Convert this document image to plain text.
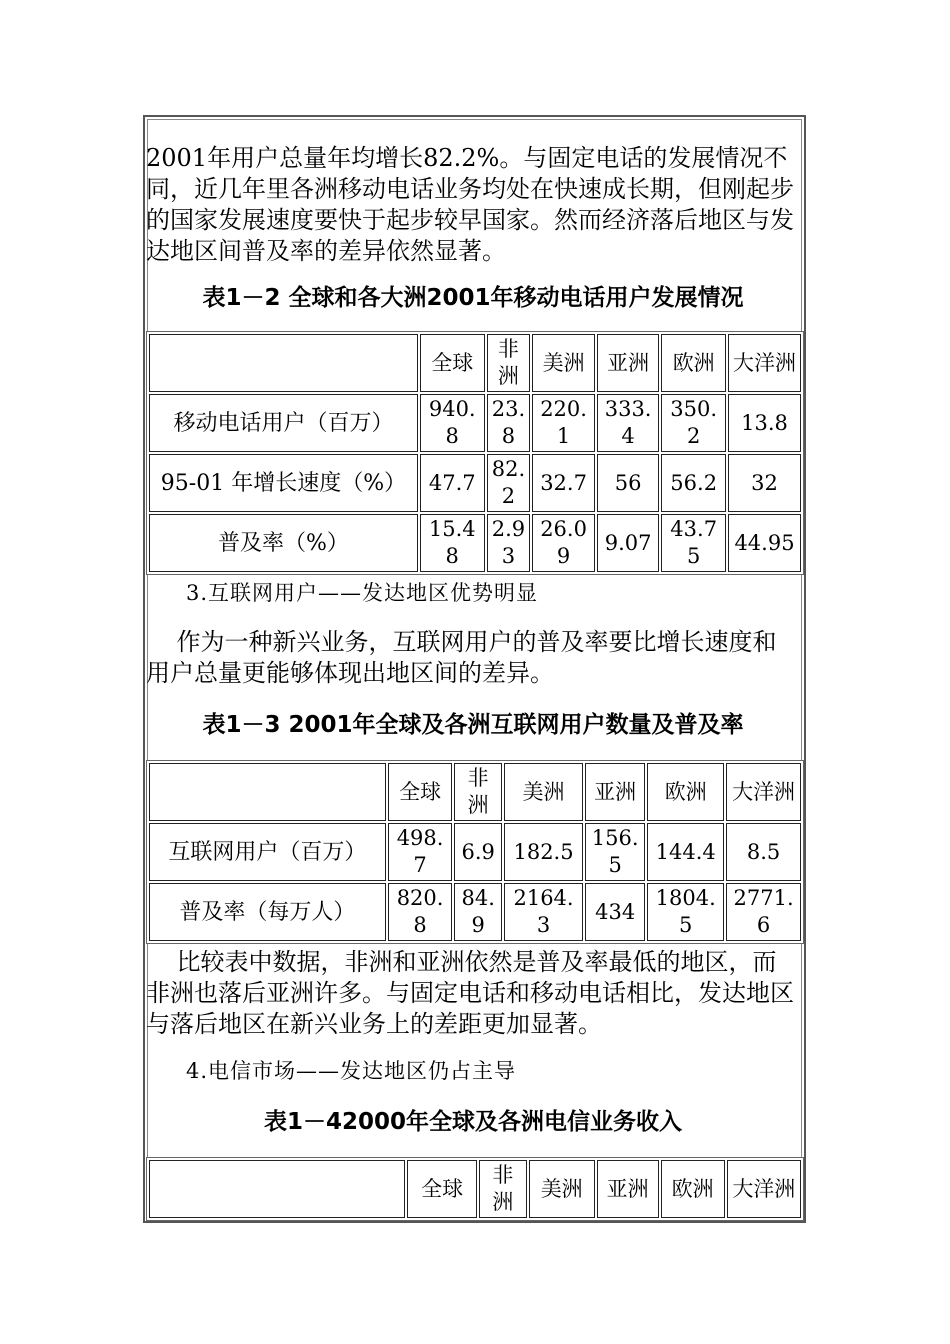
2001年用户总量年均增长82.2%。与固定电话的发展情况不同，近几年里各洲移动电话业务均处在快速成长期，但刚起步的国家发展速度要快于起步较早国家。然而经济落后地区与发达地区间普及率的差异依然显著。

表1－2 全球和各大洲2001年移动电话用户发展情况

	全球	非洲	美洲	亚洲	欧洲	大洋洲
移动电话用户（百万）	940.8	23.8	220.1	333.4	350.2	13.8
95-01 年增长速度（%）	47.7	82.2	32.7	56	56.2	32
普及率（%）	15.48	2.93	26.09	9.07	43.75	44.95

3.互联网用户——发达地区优势明显

作为一种新兴业务，互联网用户的普及率要比增长速度和用户总量更能够体现出地区间的差异。

表1－3 2001年全球及各洲互联网用户数量及普及率

	全球	非洲	美洲	亚洲	欧洲	大洋洲
互联网用户（百万）	498.7	6.9	182.5	156.5	144.4	8.5
普及率（每万人）	820.8	84.9	2164.3	434	1804.5	2771.6

比较表中数据，非洲和亚洲依然是普及率最低的地区，而非洲也落后亚洲许多。与固定电话和移动电话相比，发达地区与落后地区在新兴业务上的差距更加显著。

4.电信市场——发达地区仍占主导

表1－42000年全球及各洲电信业务收入

	全球	非洲	美洲	亚洲	欧洲	大洋洲
